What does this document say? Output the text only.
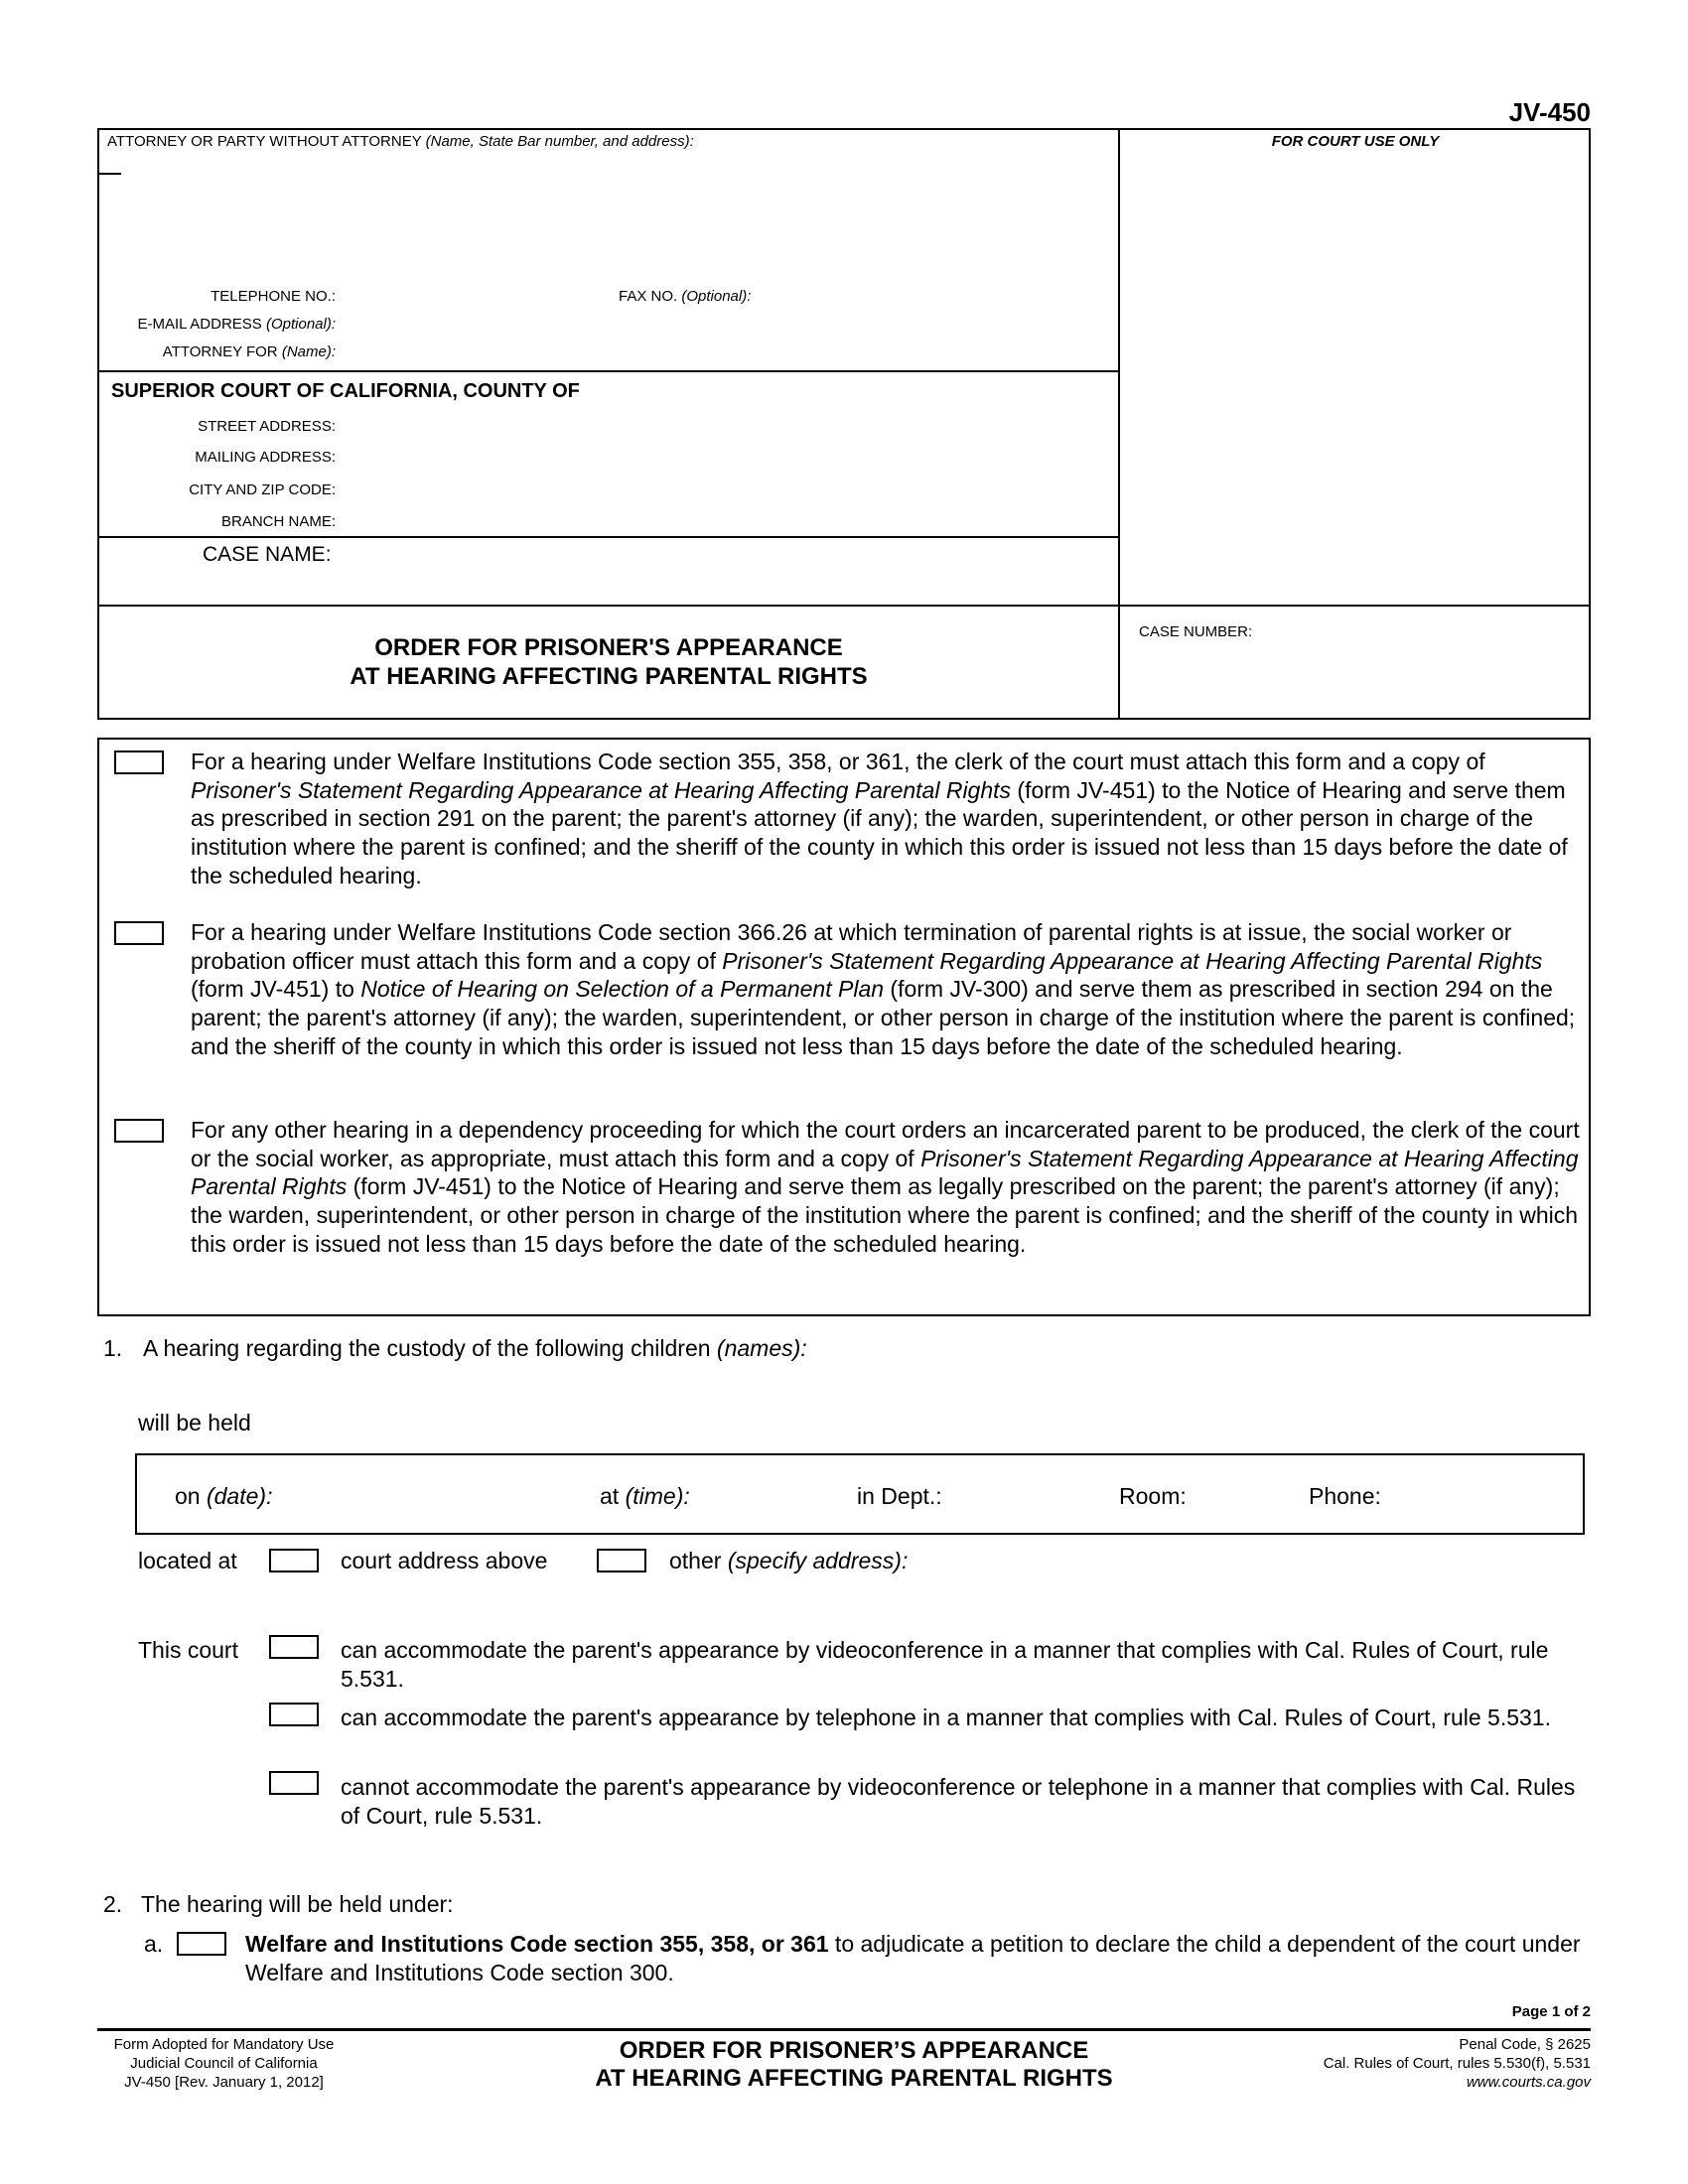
JV-450
ATTORNEY OR PARTY WITHOUT ATTORNEY (Name, State Bar number, and address):	FOR COURT USE ONLY
TELEPHONE NO.:	FAX NO. (Optional):
E-MAIL ADDRESS (Optional):
ATTORNEY FOR (Name):
SUPERIOR COURT OF CALIFORNIA, COUNTY OF
STREET ADDRESS:
MAILING ADDRESS:
CITY AND ZIP CODE:
BRANCH NAME:
CASE NAME:
ORDER FOR PRISONER'S APPEARANCE
AT HEARING AFFECTING PARENTAL RIGHTS
CASE NUMBER:
For a hearing under Welfare Institutions Code section 355, 358, or 361, the clerk of the court must attach this form and a copy of Prisoner's Statement Regarding Appearance at Hearing Affecting Parental Rights (form JV-451) to the Notice of Hearing and serve them as prescribed in section 291 on the parent; the parent's attorney (if any); the warden, superintendent, or other person in charge of the institution where the parent is confined; and the sheriff of the county in which this order is issued not less than 15 days before the date of the scheduled hearing.
For a hearing under Welfare Institutions Code section 366.26 at which termination of parental rights is at issue, the social worker or probation officer must attach this form and a copy of Prisoner's Statement Regarding Appearance at Hearing Affecting Parental Rights (form JV-451) to Notice of Hearing on Selection of a Permanent Plan (form JV-300) and serve them as prescribed in section 294 on the parent; the parent's attorney (if any); the warden, superintendent, or other person in charge of the institution where the parent is confined; and the sheriff of the county in which this order is issued not less than 15 days before the date of the scheduled hearing.
For any other hearing in a dependency proceeding for which the court orders an incarcerated parent to be produced, the clerk of the court or the social worker, as appropriate, must attach this form and a copy of Prisoner's Statement Regarding Appearance at Hearing Affecting Parental Rights (form JV-451) to the Notice of Hearing and serve them as legally prescribed on the parent; the parent's attorney (if any); the warden, superintendent, or other person in charge of the institution where the parent is confined; and the sheriff of the county in which this order is issued not less than 15 days before the date of the scheduled hearing.
1. A hearing regarding the custody of the following children (names):
will be held
on (date):	at (time):	in Dept.:	Room:	Phone:
located at	court address above	other (specify address):
This court	can accommodate the parent's appearance by videoconference in a manner that complies with Cal. Rules of Court, rule 5.531.
can accommodate the parent's appearance by telephone in a manner that complies with Cal. Rules of Court, rule 5.531.
cannot accommodate the parent's appearance by videoconference or telephone in a manner that complies with Cal. Rules of Court, rule 5.531.
2. The hearing will be held under:
a.	Welfare and Institutions Code section 355, 358, or 361 to adjudicate a petition to declare the child a dependent of the court under Welfare and Institutions Code section 300.
Page 1 of 2
Form Adopted for Mandatory Use
Judicial Council of California
JV-450 [Rev. January 1, 2012]
ORDER FOR PRISONER’S APPEARANCE
AT HEARING AFFECTING PARENTAL RIGHTS
Penal Code, § 2625
Cal. Rules of Court, rules 5.530(f), 5.531
www.courts.ca.gov
